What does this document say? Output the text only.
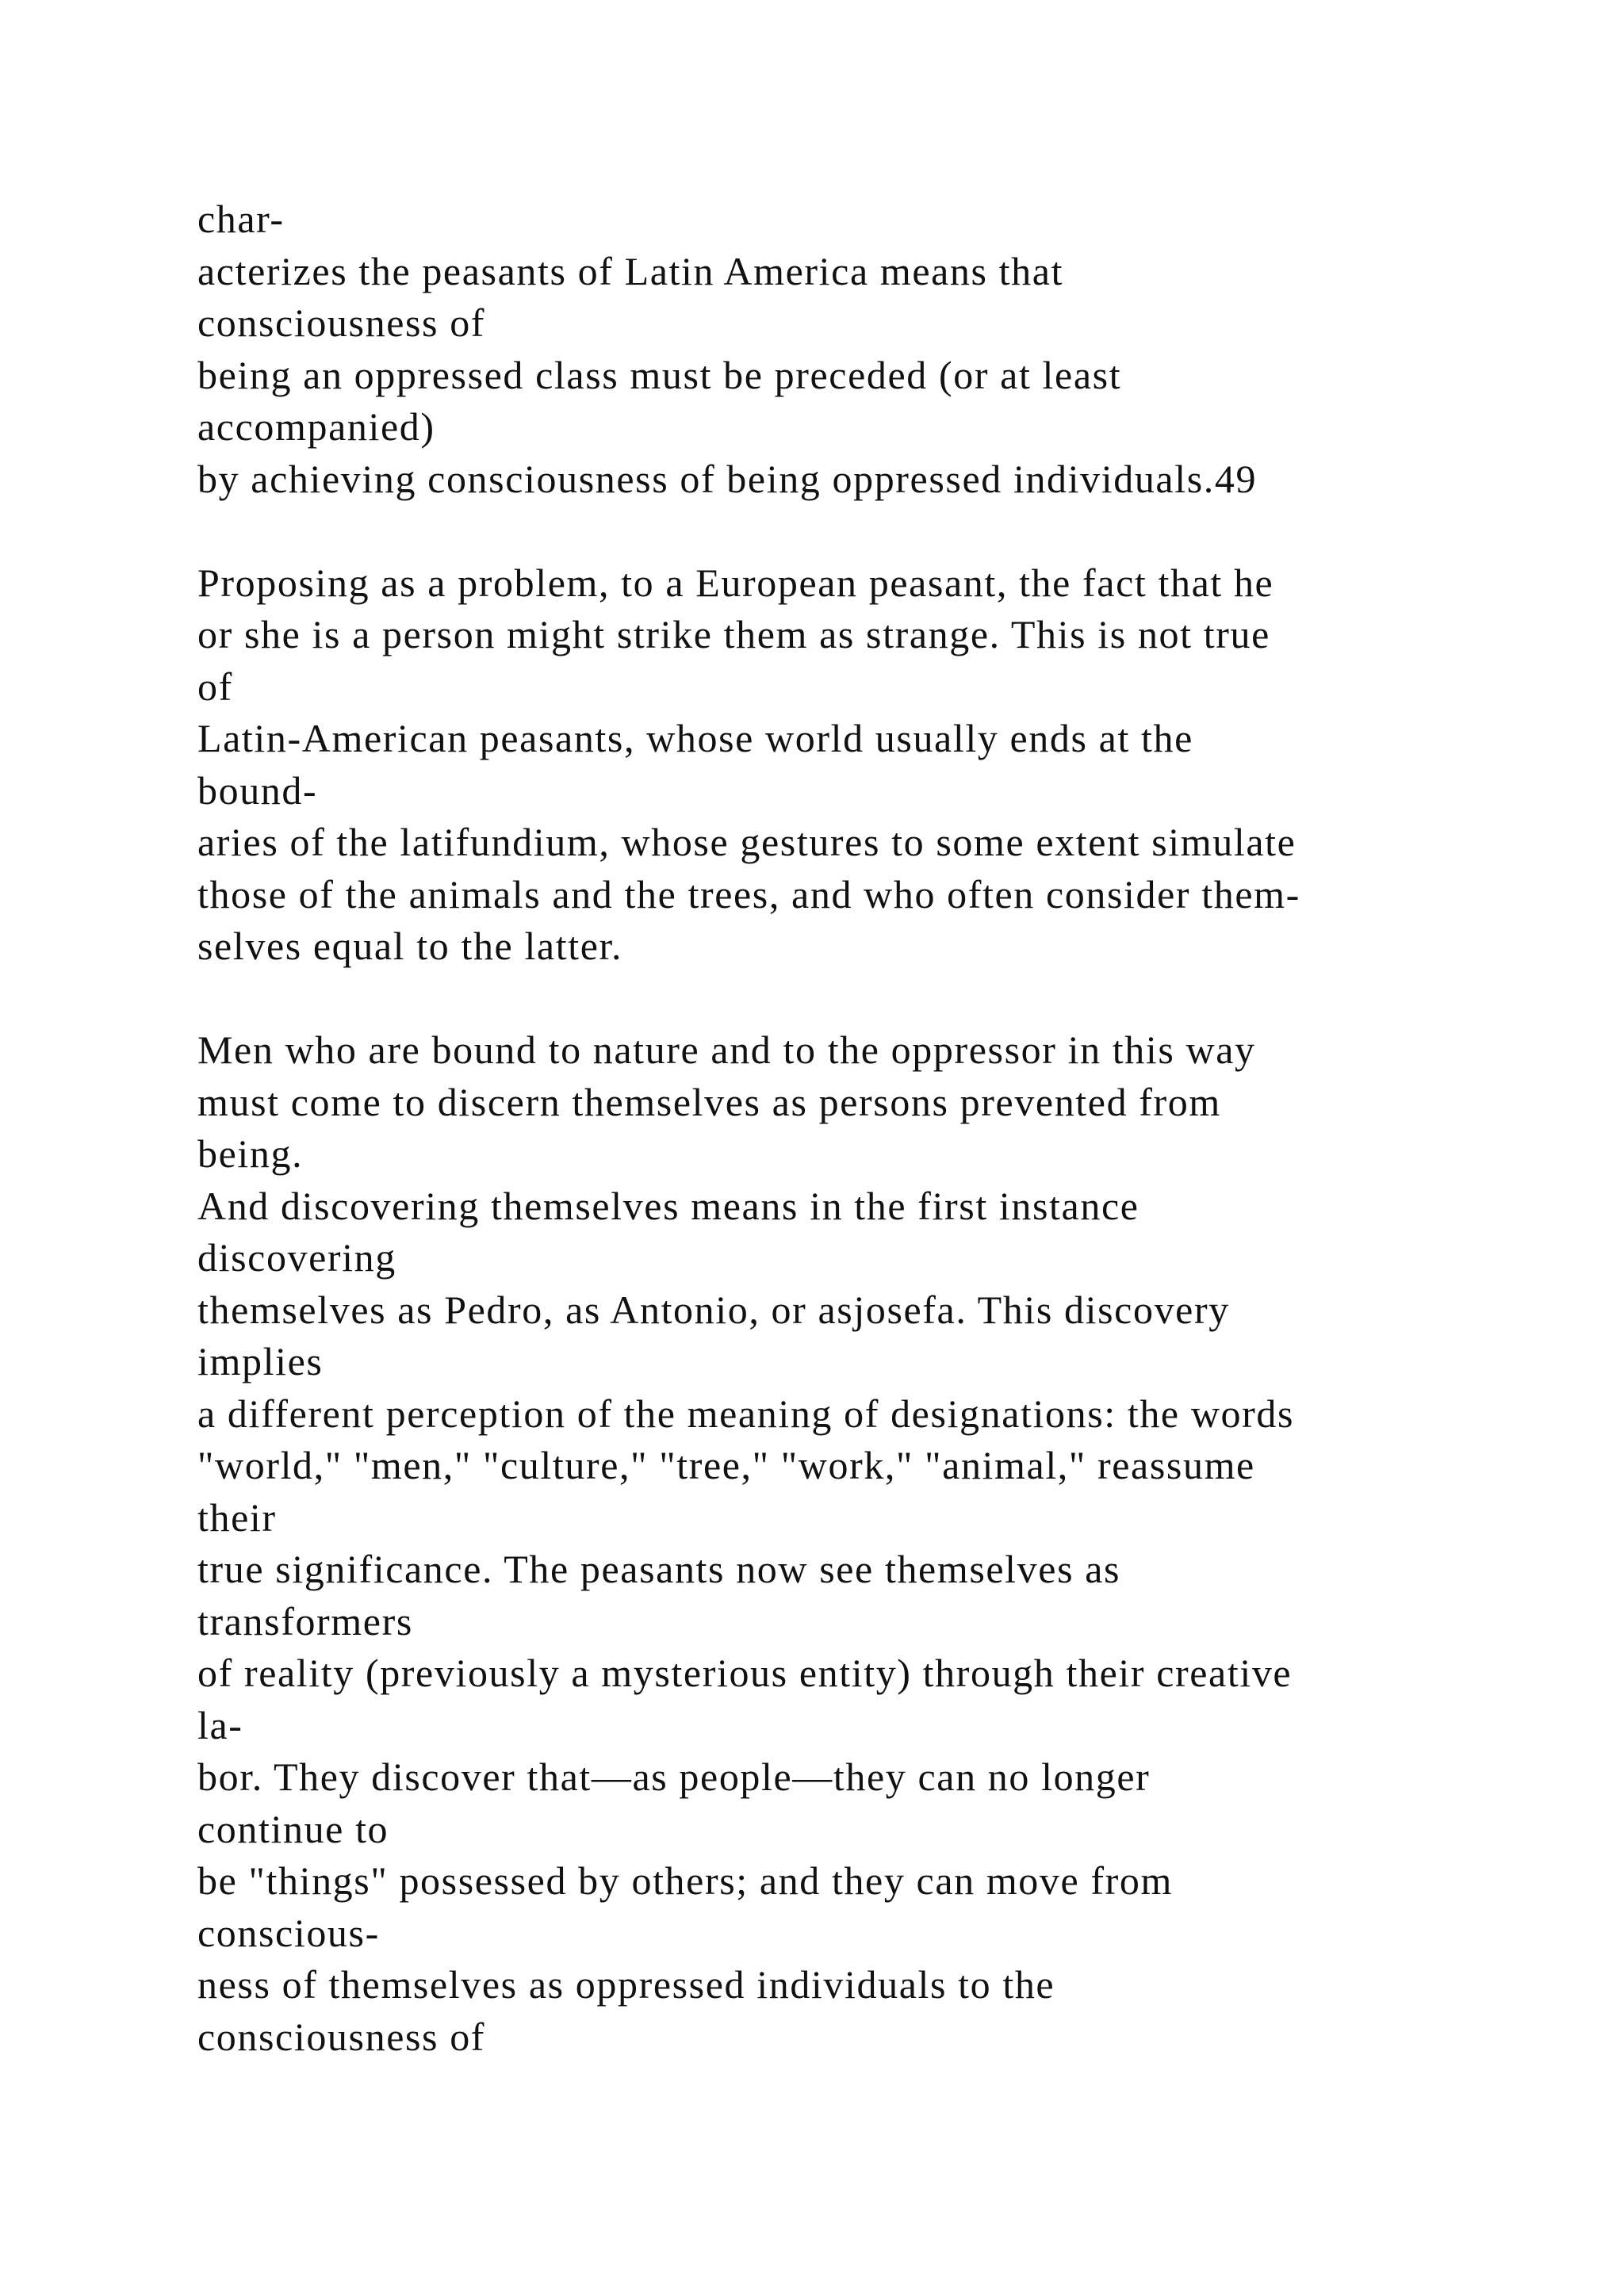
char-
acterizes the peasants of Latin America means that
consciousness of
being an oppressed class must be preceded (or at least
accompanied)
by achieving consciousness of being oppressed individuals.49
Proposing as a problem, to a European peasant, the fact that he
or she is a person might strike them as strange. This is not true
of
Latin-American peasants, whose world usually ends at the
bound-
aries of the latifundium, whose gestures to some extent simulate
those of the animals and the trees, and who often consider them-
selves equal to the latter.
Men who are bound to nature and to the oppressor in this way
must come to discern themselves as persons prevented from
being.
And discovering themselves means in the first instance
discovering
themselves as Pedro, as Antonio, or asjosefa. This discovery
implies
a different perception of the meaning of designations: the words
"world," "men," "culture," "tree," "work," "animal," reassume
their
true significance. The peasants now see themselves as
transformers
of reality (previously a mysterious entity) through their creative
la-
bor. They discover that—as people—they can no longer
continue to
be "things" possessed by others; and they can move from
conscious-
ness of themselves as oppressed individuals to the
consciousness of
